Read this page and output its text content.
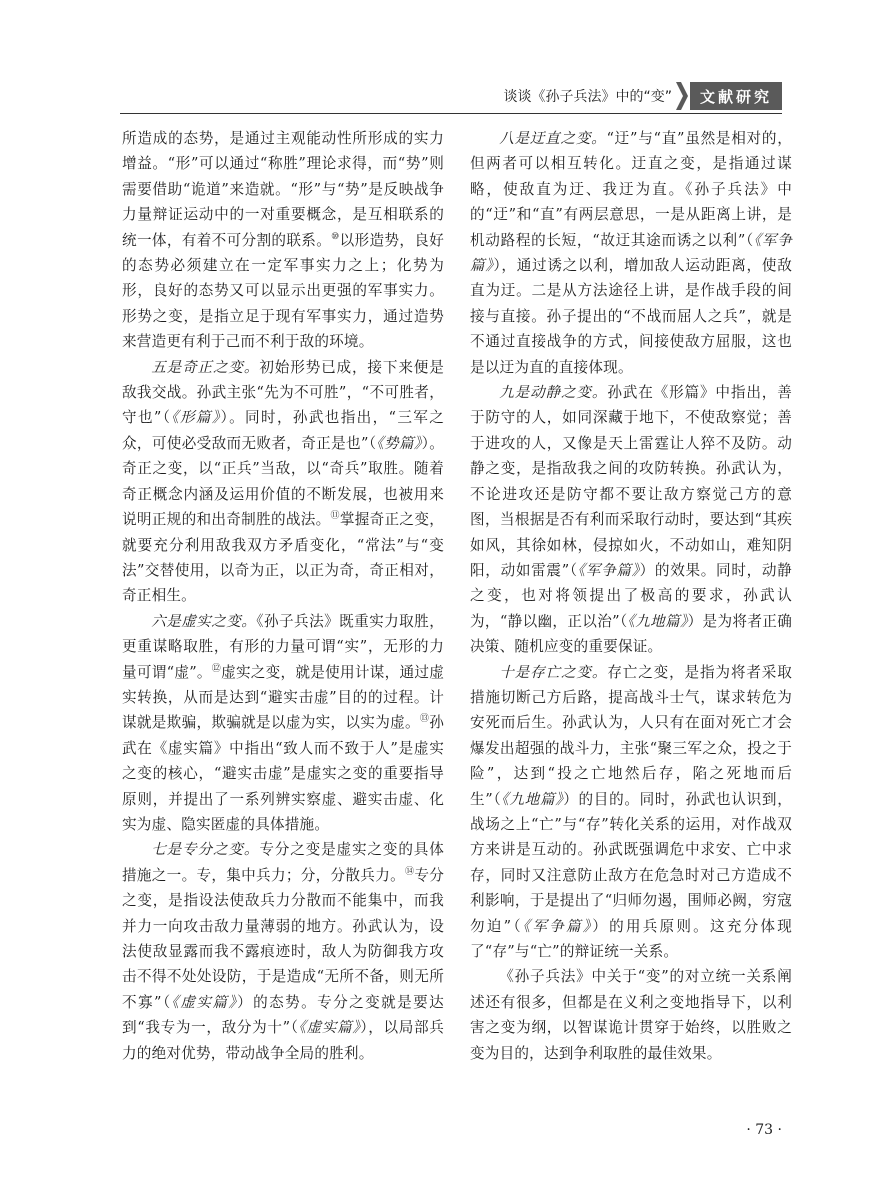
谈谈《孙子兵法》中的“变”	文献研究

所造成的态势，是通过主观能动性所形成的实力增益。“形”可以通过“称胜”理论求得，而“势”则需要借助“诡道”来造就。“形”与“势”是反映战争力量辩证运动中的一对重要概念，是互相联系的统一体，有着不可分割的联系。⑩以形造势，良好的态势必须建立在一定军事实力之上；化势为形，良好的态势又可以显示出更强的军事实力。形势之变，是指立足于现有军事实力，通过造势来营造更有利于己而不利于敌的环境。

五是奇正之变。初始形势已成，接下来便是敌我交战。孙武主张“先为不可胜”，“不可胜者，守也”（《形篇》）。同时，孙武也指出，“三军之众，可使必受敌而无败者，奇正是也”（《势篇》）。奇正之变，以“正兵”当敌，以“奇兵”取胜。随着奇正概念内涵及运用价值的不断发展，也被用来说明正规的和出奇制胜的战法。⑪掌握奇正之变，就要充分利用敌我双方矛盾变化，“常法”与“变法”交替使用，以奇为正，以正为奇，奇正相对，奇正相生。

六是虚实之变。《孙子兵法》既重实力取胜，更重谋略取胜，有形的力量可谓“实”，无形的力量可谓“虚”。⑫虚实之变，就是使用计谋，通过虚实转换，从而是达到“避实击虚”目的的过程。计谋就是欺骗，欺骗就是以虚为实，以实为虚。⑬孙武在《虚实篇》中指出“致人而不致于人”是虚实之变的核心，“避实击虚”是虚实之变的重要指导原则，并提出了一系列辨实察虚、避实击虚、化实为虚、隐实匿虚的具体措施。

七是专分之变。专分之变是虚实之变的具体措施之一。专，集中兵力；分，分散兵力。⑭专分之变，是指设法使敌兵力分散而不能集中，而我并力一向攻击敌力量薄弱的地方。孙武认为，设法使敌显露而我不露痕迹时，敌人为防御我方攻击不得不处处设防，于是造成“无所不备，则无所不寡”（《虚实篇》）的态势。专分之变就是要达到“我专为一，敌分为十”（《虚实篇》），以局部兵力的绝对优势，带动战争全局的胜利。

八是迂直之变。“迂”与“直”虽然是相对的，但两者可以相互转化。迂直之变，是指通过谋略，使敌直为迂、我迂为直。《孙子兵法》中的“迂”和“直”有两层意思，一是从距离上讲，是机动路程的长短，“故迂其途而诱之以利”（《军争篇》），通过诱之以利，增加敌人运动距离，使敌直为迂。二是从方法途径上讲，是作战手段的间接与直接。孙子提出的“不战而屈人之兵”，就是不通过直接战争的方式，间接使敌方屈服，这也是以迂为直的直接体现。

九是动静之变。孙武在《形篇》中指出，善于防守的人，如同深藏于地下，不使敌察觉；善于进攻的人，又像是天上雷霆让人猝不及防。动静之变，是指敌我之间的攻防转换。孙武认为，不论进攻还是防守都不要让敌方察觉己方的意图，当根据是否有利而采取行动时，要达到“其疾如风，其徐如林，侵掠如火，不动如山，难知阴阳，动如雷震”（《军争篇》）的效果。同时，动静之变，也对将领提出了极高的要求，孙武认为，“静以幽，正以治”（《九地篇》）是为将者正确决策、随机应变的重要保证。

十是存亡之变。存亡之变，是指为将者采取措施切断己方后路，提高战斗士气，谋求转危为安死而后生。孙武认为，人只有在面对死亡才会爆发出超强的战斗力，主张“聚三军之众，投之于险”，达到“投之亡地然后存，陷之死地而后生”（《九地篇》）的目的。同时，孙武也认识到，战场之上“亡”与“存”转化关系的运用，对作战双方来讲是互动的。孙武既强调危中求安、亡中求存，同时又注意防止敌方在危急时对己方造成不利影响，于是提出了“归师勿遏，围师必阙，穷寇勿迫”（《军争篇》）的用兵原则。这充分体现了“存”与“亡”的辩证统一关系。

《孙子兵法》中关于“变”的对立统一关系阐述还有很多，但都是在义利之变地指导下，以利害之变为纲，以智谋诡计贯穿于始终，以胜败之变为目的，达到争利取胜的最佳效果。

· 73 ·
